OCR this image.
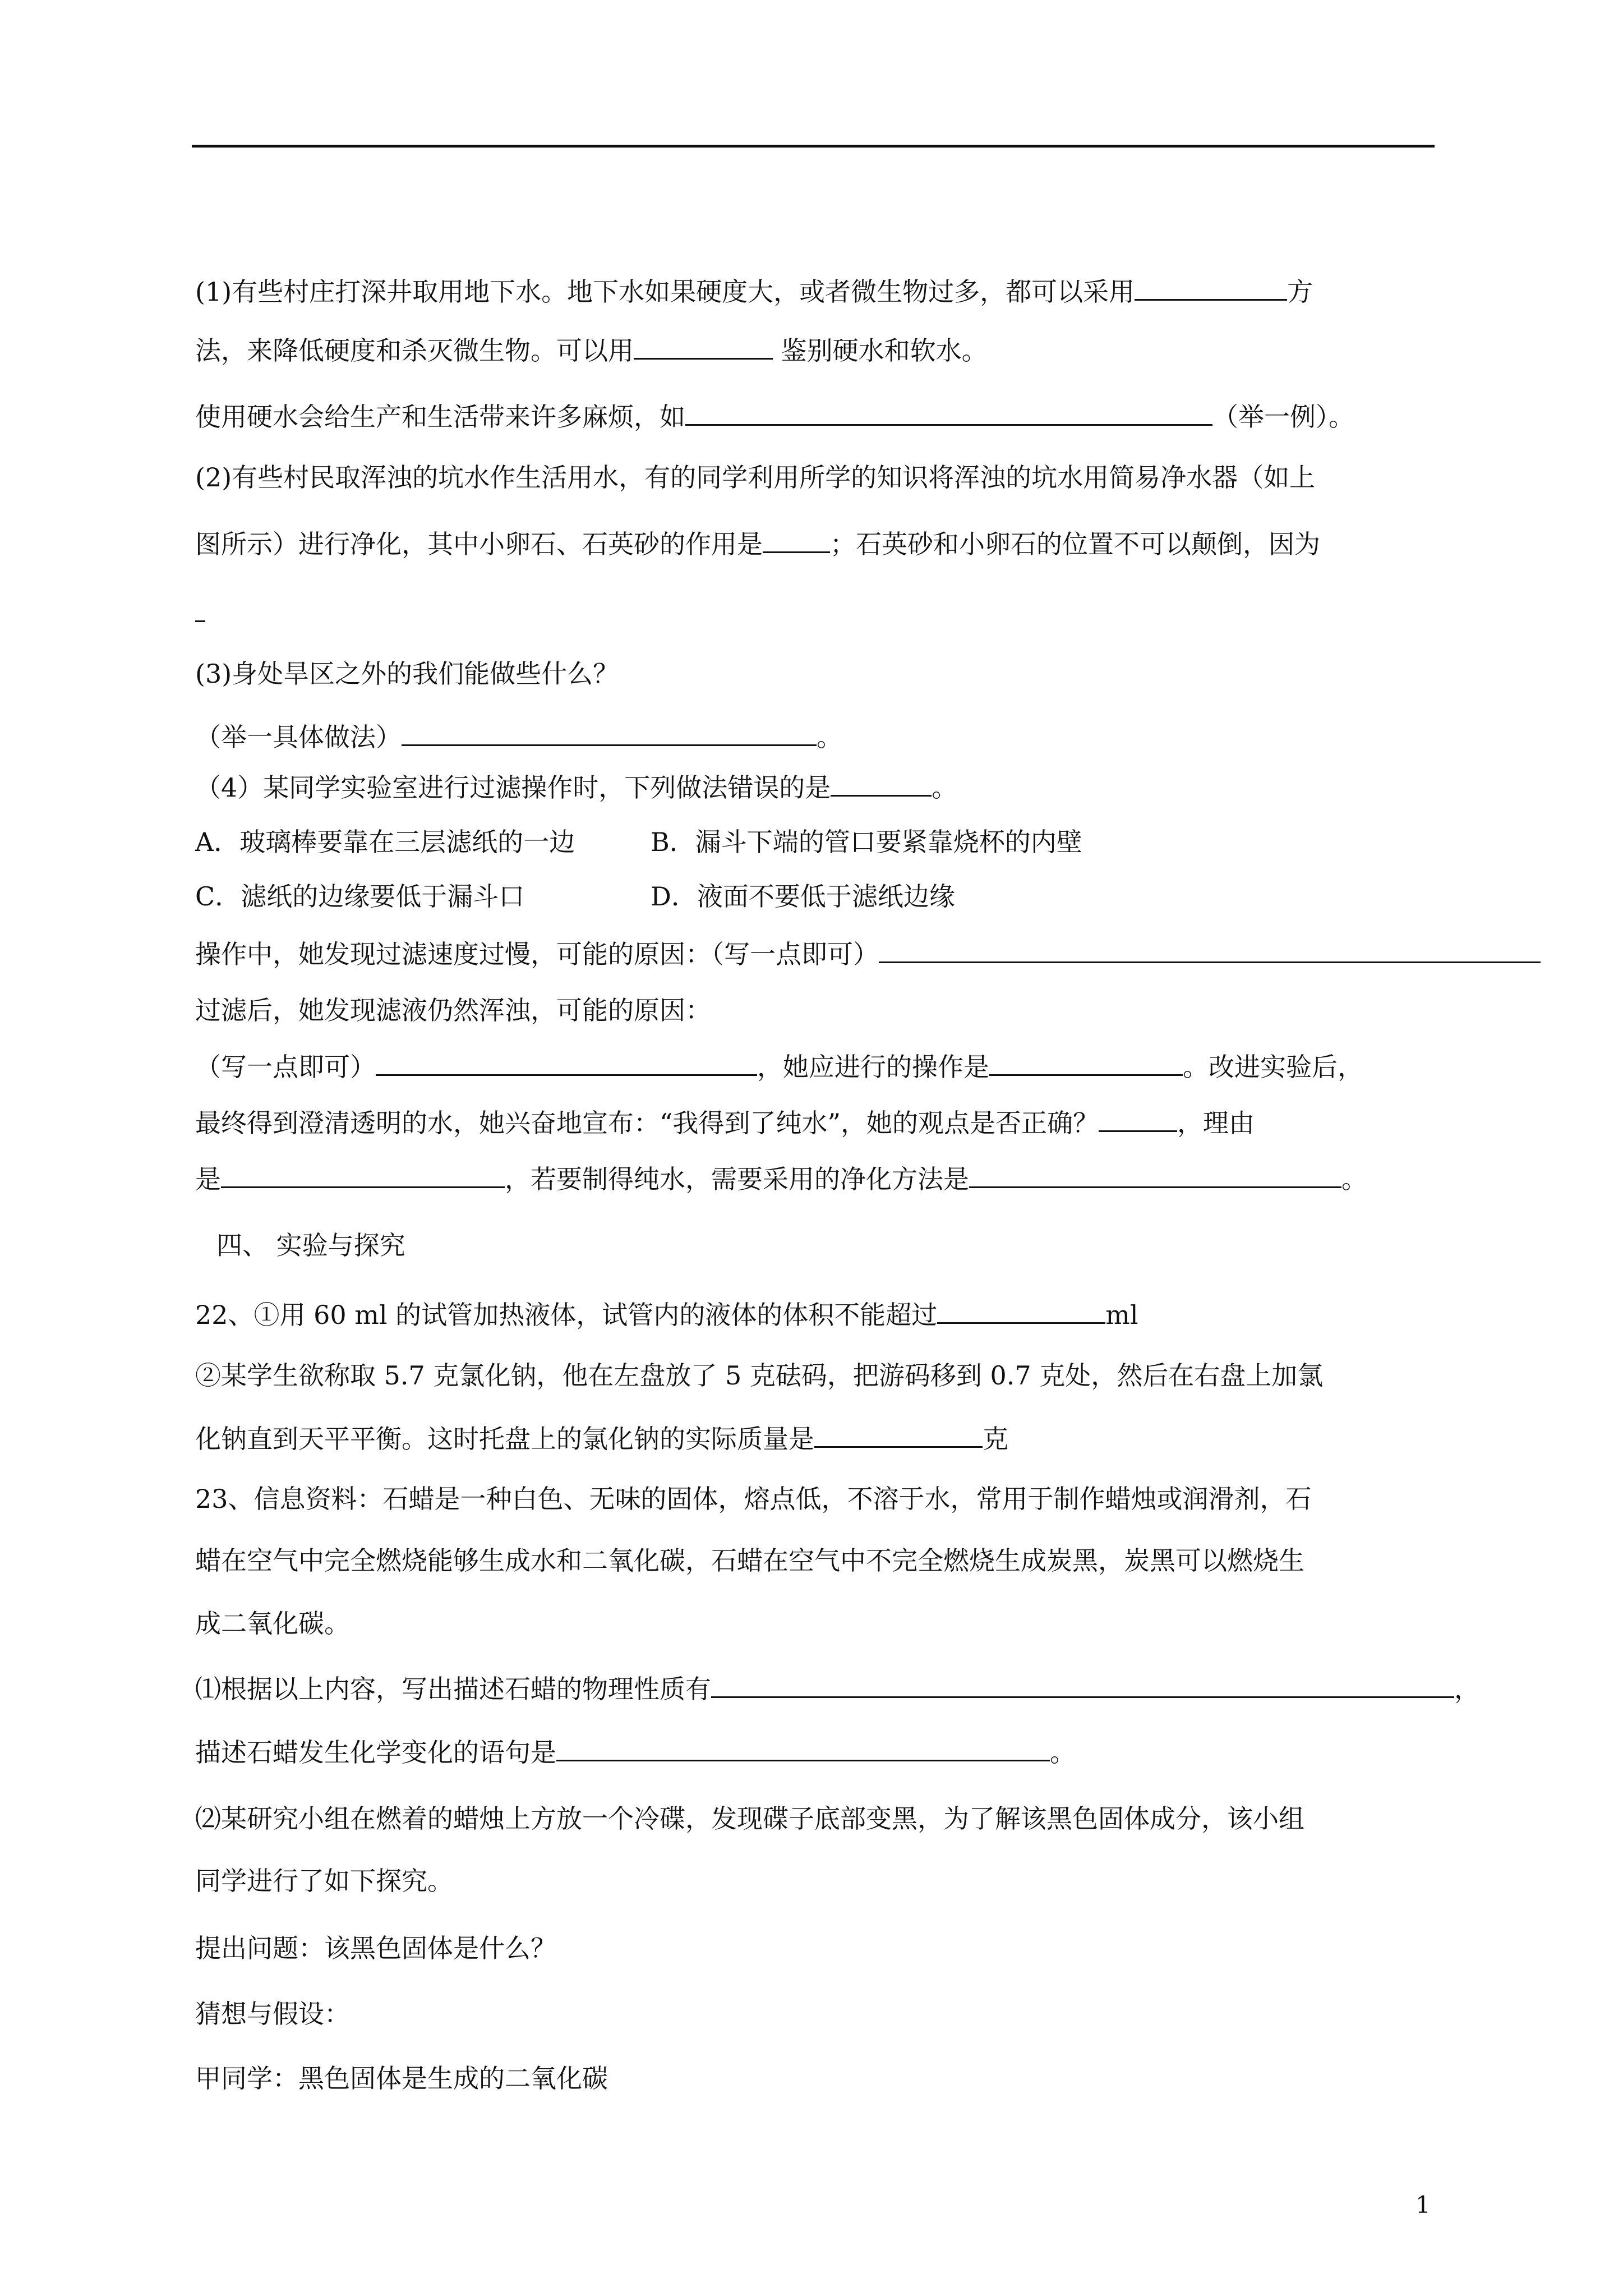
(1)有些村庄打深井取用地下水。地下水如果硬度大，或者微生物过多，都可以采用	方
法，来降低硬度和杀灭微生物。可以用	鉴别硬水和软水。
使用硬水会给生产和生活带来许多麻烦，如	（举一例）。
(2)有些村民取浑浊的坑水作生活用水，有的同学利用所学的知识将浑浊的坑水用简易净水器（如上
图所示）进行净化，其中小卵石、石英砂的作用是	；石英砂和小卵石的位置不可以颠倒，因为
(3)身处旱区之外的我们能做些什么？
（举一具体做法）	。
（4）某同学实验室进行过滤操作时，下列做法错误的是	。
A．玻璃棒要靠在三层滤纸的一边	B．漏斗下端的管口要紧靠烧杯的内壁
C．滤纸的边缘要低于漏斗口	D．液面不要低于滤纸边缘
操作中，她发现过滤速度过慢，可能的原因：（写一点即可）
过滤后，她发现滤液仍然浑浊，可能的原因：
（写一点即可）	，她应进行的操作是	。改进实验后，
最终得到澄清透明的水，她兴奋地宣布：“我得到了纯水”，她的观点是否正确？	，理由
是	，若要制得纯水，需要采用的净化方法是	。
四、 实验与探究
22、①用 60 ml 的试管加热液体，试管内的液体的体积不能超过	ml
②某学生欲称取 5.7 克氯化钠，他在左盘放了 5 克砝码，把游码移到 0.7 克处，然后在右盘上加氯
化钠直到天平平衡。这时托盘上的氯化钠的实际质量是	克
23、信息资料：石蜡是一种白色、无味的固体，熔点低，不溶于水，常用于制作蜡烛或润滑剂，石
蜡在空气中完全燃烧能够生成水和二氧化碳，石蜡在空气中不完全燃烧生成炭黑，炭黑可以燃烧生
成二氧化碳。
⑴根据以上内容，写出描述石蜡的物理性质有	，
描述石蜡发生化学变化的语句是	。
⑵某研究小组在燃着的蜡烛上方放一个冷碟，发现碟子底部变黑，为了解该黑色固体成分，该小组
同学进行了如下探究。
提出问题：该黑色固体是什么？
猜想与假设：
甲同学：黑色固体是生成的二氧化碳
1
